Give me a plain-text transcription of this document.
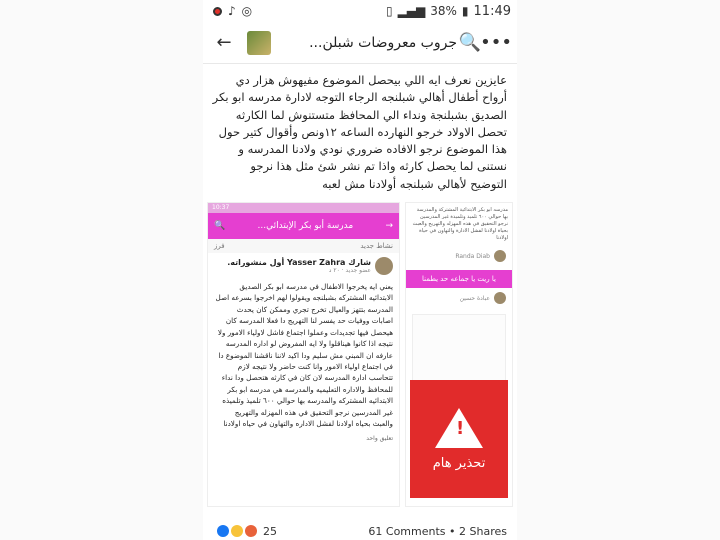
♪ ◎	▯ ▂▄▆ 38% ▮ 11:49
←	جروب معروضات شبلن... 🔍
•••
عايزين نعرف ايه اللي بيحصل الموضوع مفيهوش هزار دي أرواح أطفال أهالي شبلنجه الرجاء التوجه لادارة مدرسه ابو بكر الصديق بشبلنجة ونداء الي المحافظ متستنوش لما الكارثه تحصل الاولاد خرجو النهارده الساعه ١٢ونص وأقوال كتير حول هذا الموضوع نرجو الافاده ضروري نودي ولادنا المدرسه و نستنى لما يحصل كارثه واذا تم نشر شئ مثل هذا نرجو التوضيح لأهالي شبلنجه أولادنا مش لعبه
10:37
→
مدرسة أبو بكر الإبتدائي...
🔍
نشاط جديد
فرز
شارك Yasser Zahra أول منشوراته.
عضو جديد · ٢٠ د
يعني ايه يخرجوا الاطفال في مدرسه ابو بكر الصديق الابتدائيه المشتركه بشبلنجه ويقولوا لهم اخرجوا بسرعه اصل المدرسه بتتهز والعيال تخرج تجري وممكن كان يحدث اصابات ووفيات حد يفسر لنا التهريج دا فعلا المدرسه كان هيحصل فيها تجديدات وعملوا اجتماع فاشل لاولياء الامور ولا نتيجه اذا كانوا هيناقلوا ولا ايه المفروض لو اداره المدرسه عارفه ان المبني مش سليم ودا اكيد لاننا ناقشنا الموضوع دا في اجتماع اولياء الامور وانا كنت حاضر ولا نتيجه لازم تتحاسب ادارة المدرسه لان كان في كارثه هتحصل ودا نداء للمحافظ والاداره التعليميه والمدرسه هي مدرسه ابو بكر الابتدائيه المشتركه والمدرسه بها حوالي ٦٠٠ تلميذ وتلميذه غير المدرسين نرجو التحقيق في هذه المهزله والتهريج والعبث بحياه اولادنا لفشل الاداره والتهاون في حياه اولادنا
تعليق واحد
مدرسه ابو بكر الابتدائية المشتركة والمدرسة بها حوالي ٦٠٠ تلميذ وتلميذة غير المدرسين نرجو التحقيق في هذه المهزله والتهريج والعبث بحياة اولادنا لفشل الادارة والتهاون في حياة اولادنا
Randa Diab
يا ريت يا جماعه حد يطمنا
عبادة حسين
!
تحذير هام
25	61 Comments • 2 Shares
